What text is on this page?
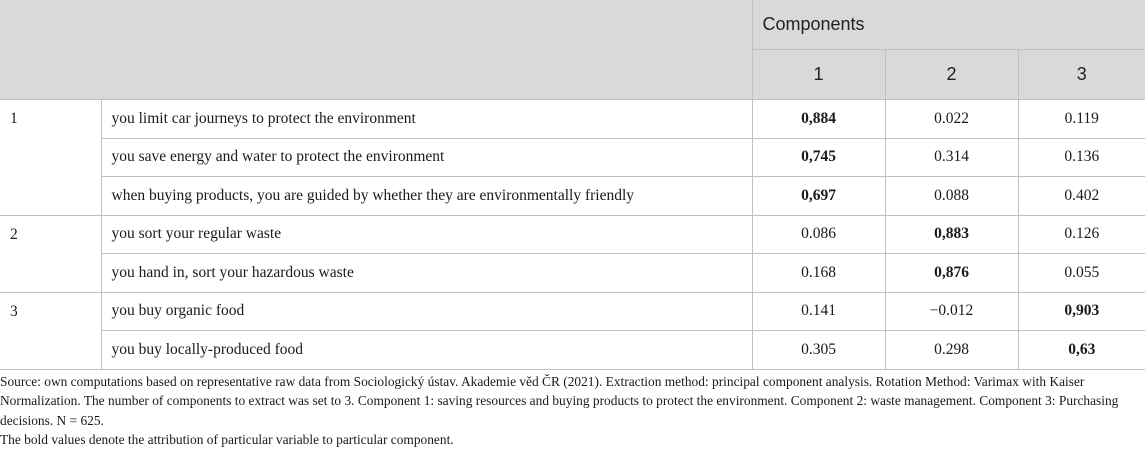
		Components		
		1	2	3
1	you limit car journeys to protect the environment	0,884	0.022	0.119
	you save energy and water to protect the environment	0,745	0.314	0.136
	when buying products, you are guided by whether they are environmentally friendly	0,697	0.088	0.402
2	you sort your regular waste	0.086	0,883	0.126
	you hand in, sort your hazardous waste	0.168	0,876	0.055
3	you buy organic food	0.141	−0.012	0,903
	you buy locally-produced food	0.305	0.298	0,63

Source: own computations based on representative raw data from Sociologický ústav. Akademie věd ČR (2021). Extraction method: principal component analysis. Rotation Method: Varimax with Kaiser Normalization. The number of components to extract was set to 3. Component 1: saving resources and buying products to protect the environment. Component 2: waste management. Component 3: Purchasing decisions. N = 625.

The bold values denote the attribution of particular variable to particular component.
